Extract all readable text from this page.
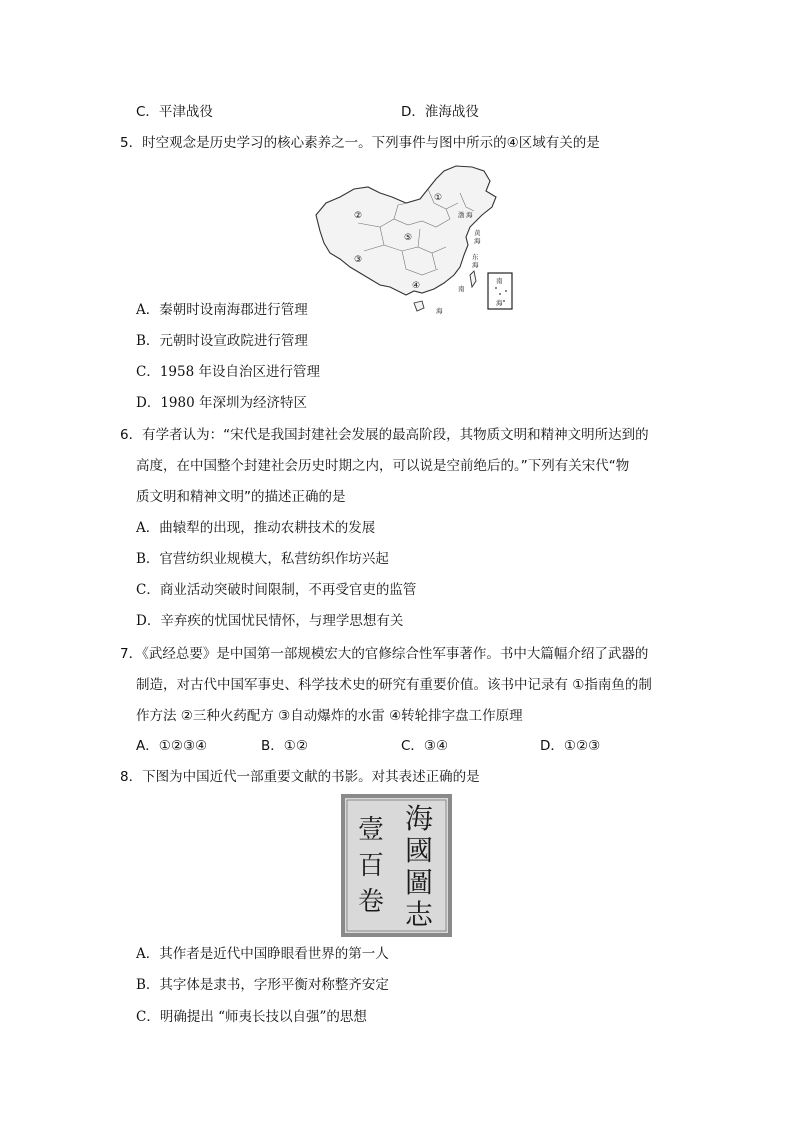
C．平津战役	D．淮海战役
5．时空观念是历史学习的核心素养之一。下列事件与图中所示的④区域有关的是
①
②
③
④
⑤
渤 海
黄
海
东
海
南
海
南
海
A．秦朝时设南海郡进行管理
B．元朝时设宣政院进行管理
C．1958 年设自治区进行管理
D．1980 年深圳为经济特区
6．有学者认为：“宋代是我国封建社会发展的最高阶段，其物质文明和精神文明所达到的
高度，在中国整个封建社会历史时期之内，可以说是空前绝后的。”下列有关宋代“物
质文明和精神文明”的描述正确的是
A．曲辕犁的出现，推动农耕技术的发展
B．官营纺织业规模大，私营纺织作坊兴起
C．商业活动突破时间限制，不再受官吏的监管
D．辛弃疾的忧国忧民情怀，与理学思想有关
7．《武经总要》是中国第一部规模宏大的官修综合性军事著作。书中大篇幅介绍了武器的
制造，对古代中国军事史、科学技术史的研究有重要价值。该书中记录有 ①指南鱼的制
作方法 ②三种火药配方 ③自动爆炸的水雷 ④转轮排字盘工作原理
A．①②③④	B．①②	C．③④	D．①②③
8．下图为中国近代一部重要文献的书影。对其表述正确的是
海
國
圖
志
壹
百
卷
A．其作者是近代中国睁眼看世界的第一人
B．其字体是隶书，字形平衡对称整齐安定
C．明确提出 “师夷长技以自强”的思想
